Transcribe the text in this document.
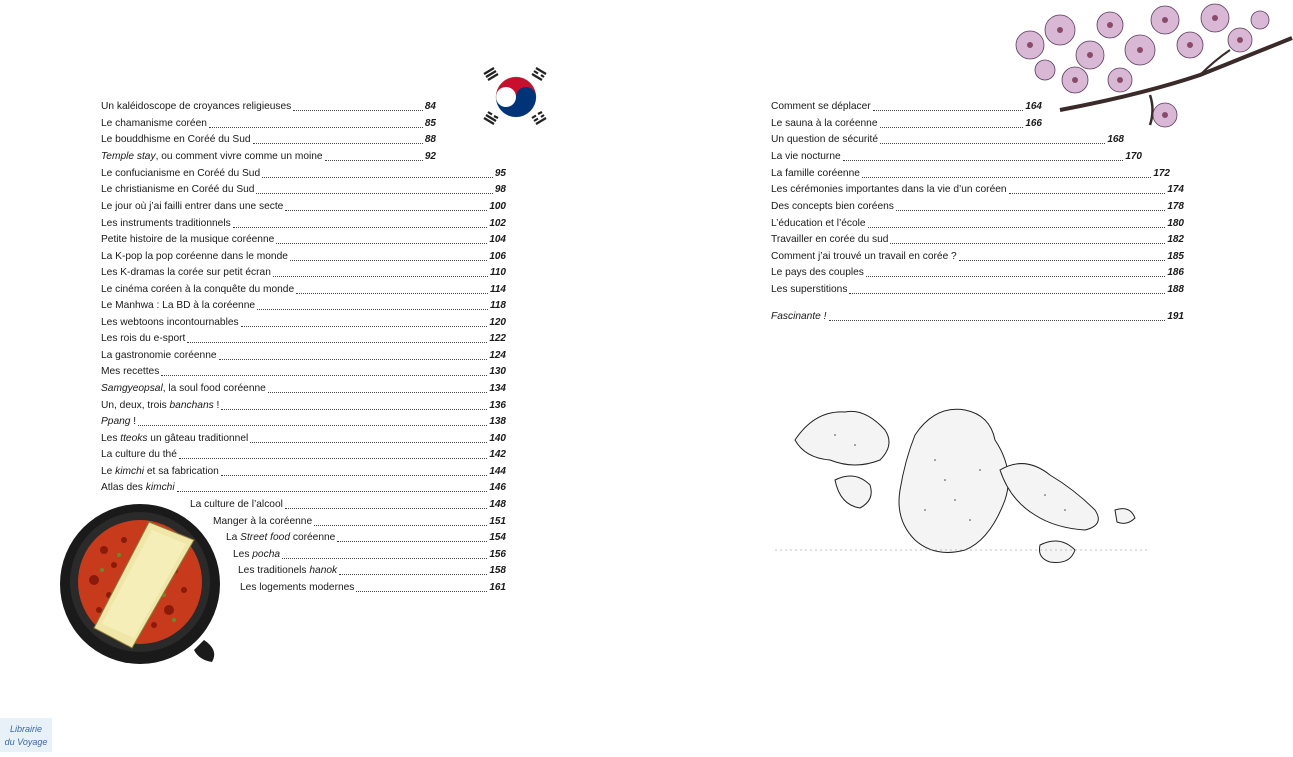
Un kaléidoscope de croyances religieuses	84
Le chamanisme coréen	85
Le bouddhisme en Coréé du Sud	88
Temple stay, ou comment vivre comme un moine	92
Le confucianisme en Coréé du Sud	95
Le christianisme en Coréé du Sud	98
Le jour où j’ai failli entrer dans une secte	100
Les instruments traditionnels	102
Petite histoire de la musique coréenne	104
La K-pop la pop coréenne dans le monde	106
Les K-dramas la corée sur petit écran	110
Le cinéma coréen à la conquête du monde	114
Le Manhwa : La BD à la coréenne	118
Les webtoons incontournables	120
Les rois du e-sport	122
La gastronomie coréenne	124
Mes recettes	130
Samgyeopsal, la soul food coréenne	134
Un, deux, trois banchans !	136
Ppang !	138
Les tteoks un gâteau traditionnel	140
La culture du thé	142
Le kimchi et sa fabrication	144
Atlas des kimchi	146
La culture de l’alcool	148
Manger à la coréenne	151
La Street food coréenne	154
Les pocha	156
Les traditionels hanok	158
Les logements modernes	161
Comment se déplacer	164
Le sauna à la coréenne	166
Un question de sécurité	168
La vie nocturne	170
La famille coréenne	172
Les cérémonies importantes dans la vie d’un coréen	174
Des concepts bien coréens	178
L’éducation et l’école	180
Travailler en corée du sud	182
Comment j’ai trouvé un travail en corée ?	185
Le pays des couples	186
Les superstitions	188
Fascinante !	191
Librairie
du Voyage
